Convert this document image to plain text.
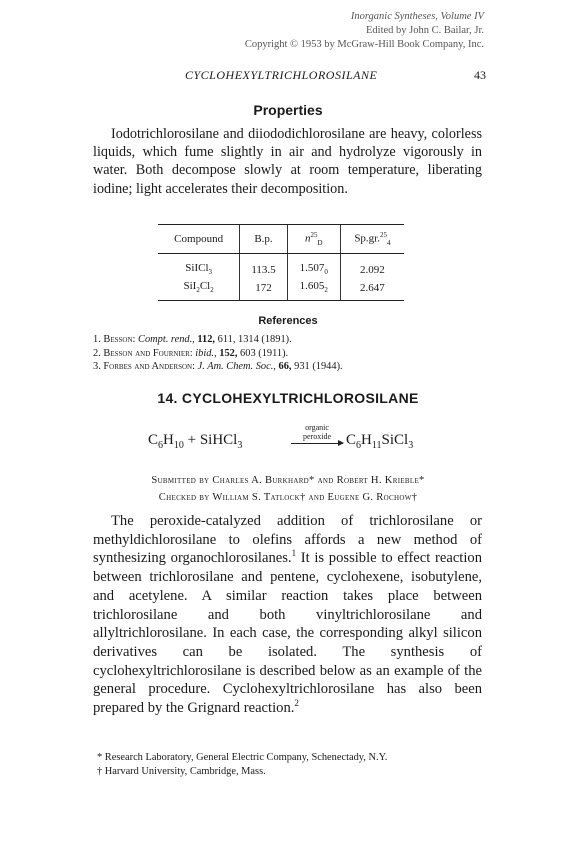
Inorganic Syntheses, Volume IV
Edited by John C. Bailar, Jr.
Copyright © 1953 by McGraw-Hill Book Company, Inc.
CYCLOHEXYLTRICHLOROSILANE	43
Properties

Iodotrichlorosilane and diiododichlorosilane are heavy, colorless liquids, which fume slightly in air and hydrolyze vigorously in water. Both decompose slowly at room temperature, liberating iodine; light accelerates their decomposition.

Compound	B.p.	$n^{25}_D$	Sp.gr.$^{25}_4$
SiICl$_3$	113.5	$1.507_0$	2.092
$SiI_2Cl_2$	172	$1.605_2$	2.647
References
1. Besson: Compt. rend., 112, 611, 1314 (1891).
2. Besson and Fournier: ibid., 152, 603 (1911).
3. Forbes and Anderson: J. Am. Chem. Soc., 66, 931 (1944).
14. CYCLOHEXYLTRICHLOROSILANE
$C_6H_{10}$ + SiHCl$_3$
organic
peroxide	$C_6H_{11}SiCl_3$
Submitted by Charles A. Burkhard* and Robert H. Krieble*
Checked by William S. Tatlock† and Eugene G. Rochow†

The peroxide-catalyzed addition of trichlorosilane or methyldichlorosilane to olefins affords a new method of synthesizing organochlorosilanes.$^1$ It is possible to effect reaction between trichlorosilane and pentene, cyclohexene, isobutylene, and acetylene. A similar reaction takes place between trichlorosilane and both vinyltrichlorosilane and allyltrichlorosilane. In each case, the corresponding alkyl silicon derivatives can be isolated. The synthesis of cyclohexyltrichlorosilane is described below as an example of the general procedure. Cyclohexyltrichlorosilane has also been prepared by the Grignard reaction.$^2$

* Research Laboratory, General Electric Company, Schenectady, N.Y.
† Harvard University, Cambridge, Mass.
